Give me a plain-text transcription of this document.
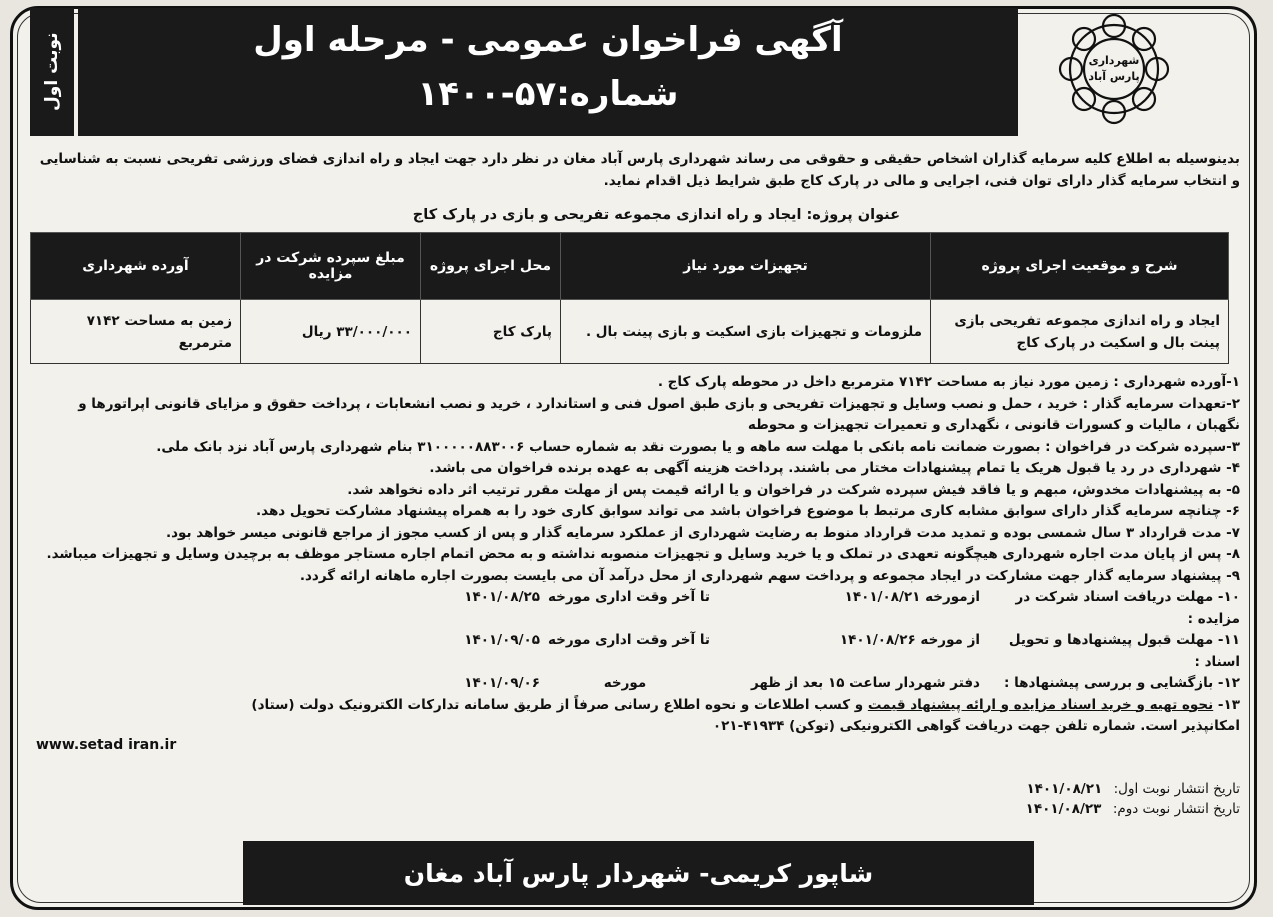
نوبت اول	آگهی فراخوان عمومی - مرحله اول
شماره:۵۷-۱۴۰۰
شهرداری
پارس آباد
بدینوسیله به اطلاع کلیه سرمایه گذاران اشخاص حقیقی و حقوقی می رساند شهرداری پارس آباد مغان در نظر دارد جهت ایجاد و راه اندازی فضای ورزشی تفریحی نسبت به شناسایی و انتخاب سرمایه گذار دارای توان فنی، اجرایی و مالی در پارک کاج طبق شرایط ذیل اقدام نماید.
عنوان پروژه: ایجاد و راه اندازی مجموعه تفریحی و بازی در پارک کاج
شرح و موقعیت اجرای پروژه	تجهیزات مورد نیاز	محل اجرای پروژه	مبلغ سپرده شرکت در مزایده	آورده شهرداری
ایجاد و راه اندازی مجموعه تفریحی بازی پینت بال و اسکیت در پارک کاج	ملزومات و تجهیزات بازی اسکیت و بازی پینت بال .	پارک کاج	۳۳/۰۰۰/۰۰۰ ریال	زمین به مساحت ۷۱۴۲ مترمربع

۱-آورده شهرداری : زمین مورد نیاز به مساحت ۷۱۴۲ مترمربع داخل در محوطه پارک کاج .

۲-تعهدات سرمایه گذار : خرید ، حمل و نصب وسایل و تجهیزات تفریحی و بازی طبق اصول فنی و استاندارد ، خرید و نصب انشعابات ، پرداخت حقوق و مزایای قانونی اپراتورها و نگهبان ، مالیات و کسورات قانونی ، نگهداری و تعمیرات تجهیزات و محوطه

۳-سپرده شرکت در فراخوان : بصورت ضمانت نامه بانکی با مهلت سه ماهه و یا بصورت نقد به شماره حساب ۳۱۰۰۰۰۰۸۸۳۰۰۶ بنام شهرداری پارس آباد نزد بانک ملی.

۴- شهرداری در رد یا قبول هریک یا تمام پیشنهادات مختار می باشند. پرداخت هزینه آگهی به عهده برنده فراخوان می باشد.

۵- به پیشنهادات مخدوش، مبهم و یا فاقد فیش سپرده شرکت در فراخوان و یا ارائه قیمت پس از مهلت مقرر ترتیب اثر داده نخواهد شد.

۶- چنانچه سرمایه گذار دارای سوابق مشابه کاری مرتبط با موضوع فراخوان باشد می تواند سوابق کاری خود را به همراه پیشنهاد مشارکت تحویل دهد.

۷- مدت قرارداد ۳ سال شمسی بوده و تمدید مدت قرارداد منوط به رضایت شهرداری از عملکرد سرمایه گذار و پس از کسب مجوز از مراجع قانونی میسر خواهد بود.

۸- پس از پایان مدت اجاره شهرداری هیچگونه تعهدی در تملک و یا خرید وسایل و تجهیزات منصوبه نداشته و به محض اتمام اجاره مستاجر موظف به برچیدن وسایل و تجهیزات میباشد.

۹- پیشنهاد سرمایه گذار جهت مشارکت در ایجاد مجموعه و پرداخت سهم شهرداری از محل درآمد آن می بایست بصورت اجاره ماهانه ارائه گردد.

۱۰- مهلت دریافت اسناد شرکت در مزایده :
ازمورخه ۱۴۰۱/۰۸/۲۱
تا آخر وقت اداری مورخه
۱۴۰۱/۰۸/۲۵
۱۱- مهلت قبول پیشنهادها و تحویل اسناد :
از مورخه ۱۴۰۱/۰۸/۲۶
تا آخر وقت اداری مورخه
۱۴۰۱/۰۹/۰۵
۱۲- بازگشایی و بررسی پیشنهادها :
دفتر شهردار ساعت ۱۵ بعد از ظهر
مورخه
۱۴۰۱/۰۹/۰۶

۱۳- نحوه تهیه و خرید اسناد مزایده و ارائه پیشنهاد قیمت و کسب اطلاعات و نحوه اطلاع رسانی صرفاً از طریق سامانه تدارکات الکترونیک دولت (ستاد)

امکانپذیر است. شماره تلفن جهت دریافت گواهی الکترونیکی (توکن) ۴۱۹۳۴-۰۲۱

www.setad iran.ir
تاریخ انتشار نوبت اول: ۱۴۰۱/۰۸/۲۱
تاریخ انتشار نوبت دوم: ۱۴۰۱/۰۸/۲۳
شاپور کریمی- شهردار پارس آباد مغان
